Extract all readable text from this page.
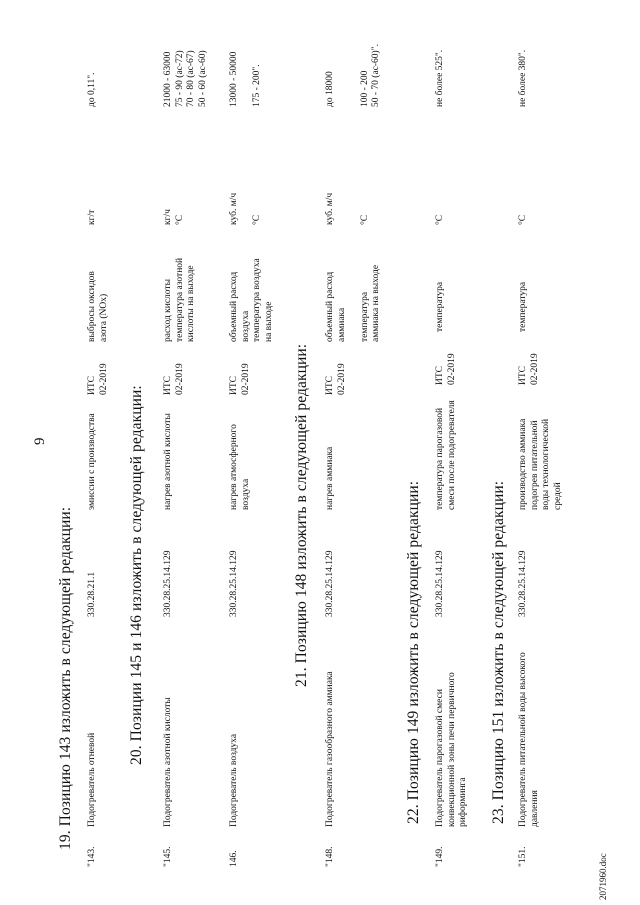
9
19. Позицию 143 изложить в следующей редакции:
"143.
Подогреватель отневой
330.28.21.1
эмиссии с производства
ИТС 02-2019
выбросы оксидов азота (NOx)
кг/т
до 0,11".
20. Позиции 145 и 146 изложить в следующей редакции:
"145.
Подогреватель азотной кислоты
330.28.25.14.129
нагрев азотной кислоты
ИТС 02-2019
расход кислоты температура азотной кислоты на выходе
кг/ч °С
21000 - 63000 75 - 90 (ас-72) 70 - 80 (ас-67) 50 - 60 (ас-60)
146.
Подогреватель воздуха
330.28.25.14.129
нагрев атмосферного воздуха
ИТС 02-2019
объемный расход воздуха температура воздуха на выходе
куб. м/ч
°С
13000 - 50000
175 - 200".
21. Позицию 148 изложить в следующей редакции:
"148.
Подогреватель газообразного аммиака
330.28.25.14.129
нагрев аммиака
ИТС 02-2019
объемный расход аммиака
температура аммиака на выходе
куб. м/ч

	°С
до 18000

	100 - 200 50 - 70 (ас-60)".
22. Позицию 149 изложить в следующей редакции:
"149.
Подогреватель парогазовой смеси конвекционной зоны печи первичного риформинга
330.28.25.14.129
температура парогазовой смеси после подогревателя
ИТС 02-2019
температура
°С
не более 525".
23. Позицию 151 изложить в следующей редакции:
"151.
Подогреватель питательной воды высокого давления
330.28.25.14.129
производство аммиака подогрев питательной воды технологической средой
ИТС 02-2019
температура
°С
не более 380".
2071960.doc
